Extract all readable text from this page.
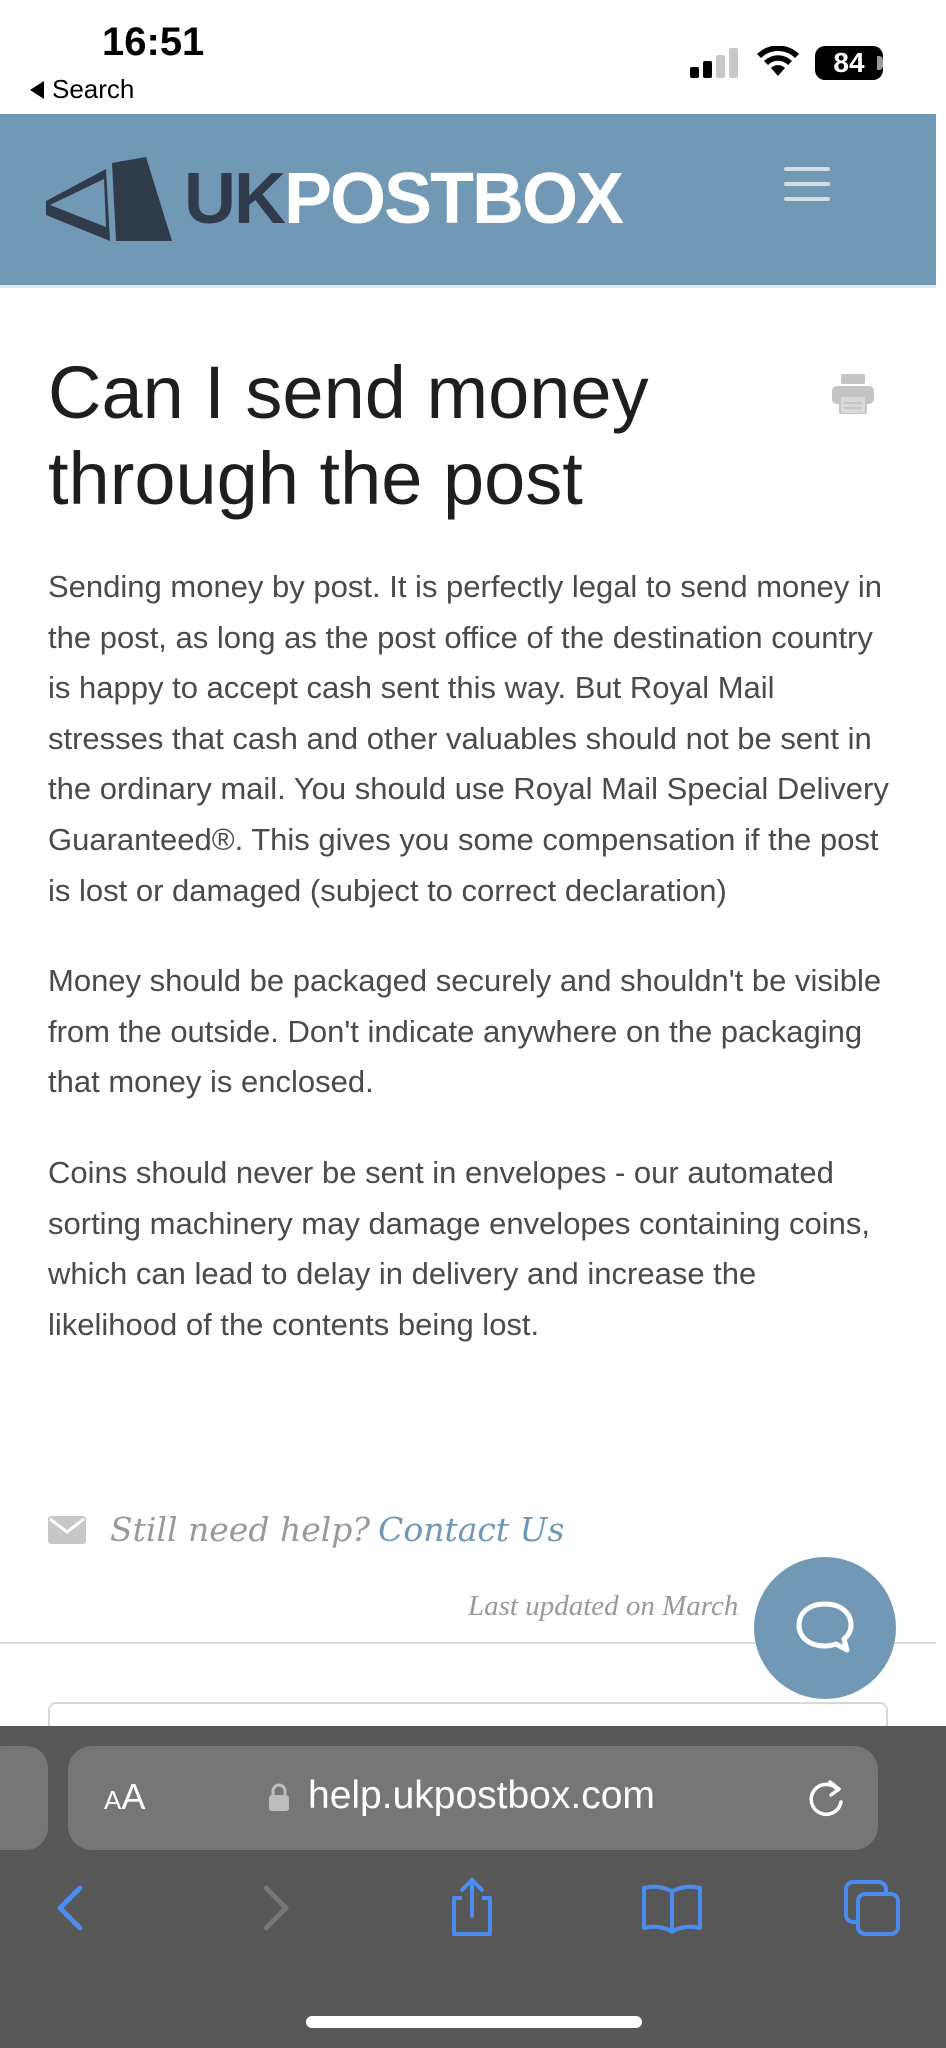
16:51
Search
84
UKPOSTBOX
Can I send money through the post

Sending money by post. It is perfectly legal to send money in the post, as long as the post office of the destination country is happy to accept cash sent this way. But Royal Mail stresses that cash and other valuables should not be sent in the ordinary mail. You should use Royal Mail Special Delivery Guaranteed®. This gives you some compensation if the post is lost or damaged (subject to correct declaration)

Money should be packaged securely and shouldn't be visible from the outside. Don't indicate anywhere on the packaging that money is enclosed.

Coins should never be sent in envelopes - our automated sorting machinery may damage envelopes containing coins, which can lead to delay in delivery and increase the likelihood of the contents being lost.

Still need help? Contact Us
Last updated on March
AA	help.ukpostbox.com
